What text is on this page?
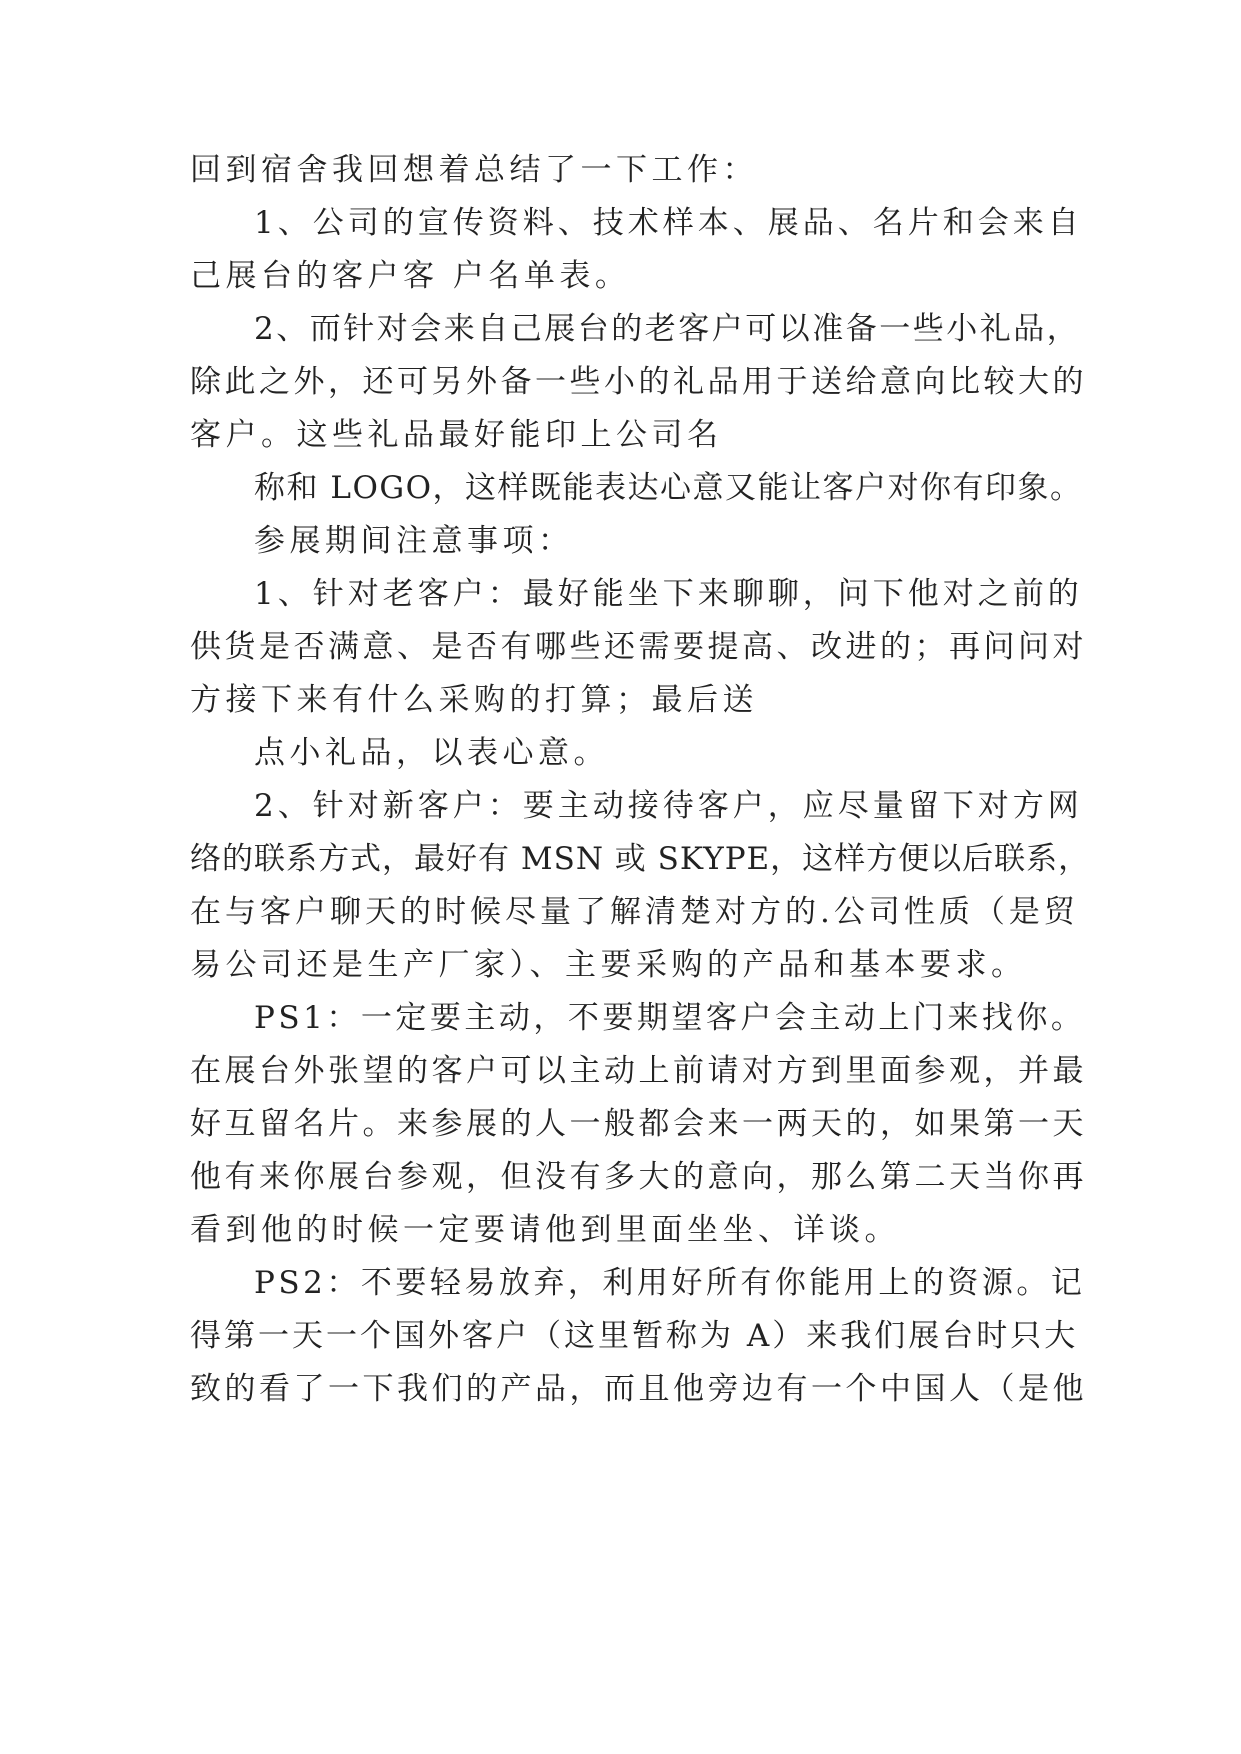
回到宿舍我回想着总结了一下工作：
1、公司的宣传资料、技术样本、展品、名片和会来自
己展台的客户客 户名单表。
2、而针对会来自己展台的老客户可以准备一些小礼品，
除此之外，还可另外备一些小的礼品用于送给意向比较大的
客户。这些礼品最好能印上公司名
称和 LOGO，这样既能表达心意又能让客户对你有印象。
参展期间注意事项：
1、针对老客户：最好能坐下来聊聊，问下他对之前的
供货是否满意、是否有哪些还需要提高、改进的；再问问对
方接下来有什么采购的打算；最后送
点小礼品，以表心意。
2、针对新客户：要主动接待客户，应尽量留下对方网
络的联系方式，最好有 MSN 或 SKYPE，这样方便以后联系，
在与客户聊天的时候尽量了解清楚对方的.公司性质（是贸
易公司还是生产厂家）、主要采购的产品和基本要求。
PS1：一定要主动，不要期望客户会主动上门来找你。
在展台外张望的客户可以主动上前请对方到里面参观，并最
好互留名片。来参展的人一般都会来一两天的，如果第一天
他有来你展台参观，但没有多大的意向，那么第二天当你再
看到他的时候一定要请他到里面坐坐、详谈。
PS2：不要轻易放弃，利用好所有你能用上的资源。记
得第一天一个国外客户（这里暂称为 A）来我们展台时只大
致的看了一下我们的产品，而且他旁边有一个中国人（是他
